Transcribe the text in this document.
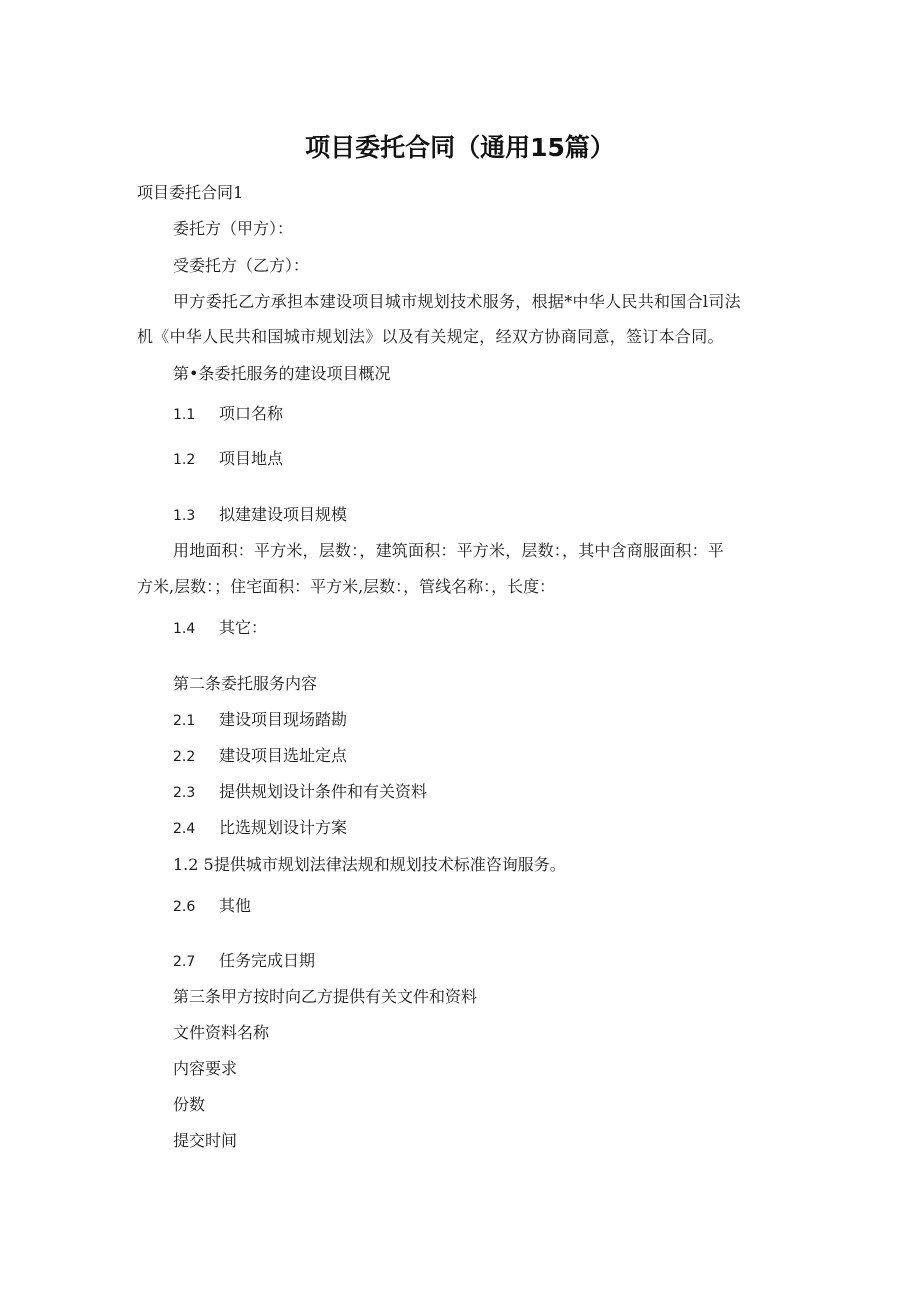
项目委托合同（通用15篇）

项目委托合同1

委托方（甲方）：

受委托方（乙方）：

甲方委托乙方承担本建设项目城市规划技术服务，根据*中华人民共和国合l司法

机《中华人民共和国城市规划法》以及有关规定，经双方协商同意，签订本合同。

第•条委托服务的建设项目概况

1.1 项口名称

1.2 项目地点

1.3 拟建建设项目规模

用地面积：平方米，层数：，建筑面积：平方米，层数：，其中含商服面积：平

方米,层数：；住宅面积：平方米,层数：，管线名称：，长度：

1.4 其它：

第二条委托服务内容

2.1 建设项目现场踏勘

2.2 建设项目选址定点

2.3 提供规划设计条件和有关资料

2.4 比选规划设计方案

1.2 5提供城市规划法律法规和规划技术标准咨询服务。

2.6 其他

2.7 任务完成日期

第三条甲方按时向乙方提供有关文件和资料

文件资料名称

内容要求

份数

提交时间
